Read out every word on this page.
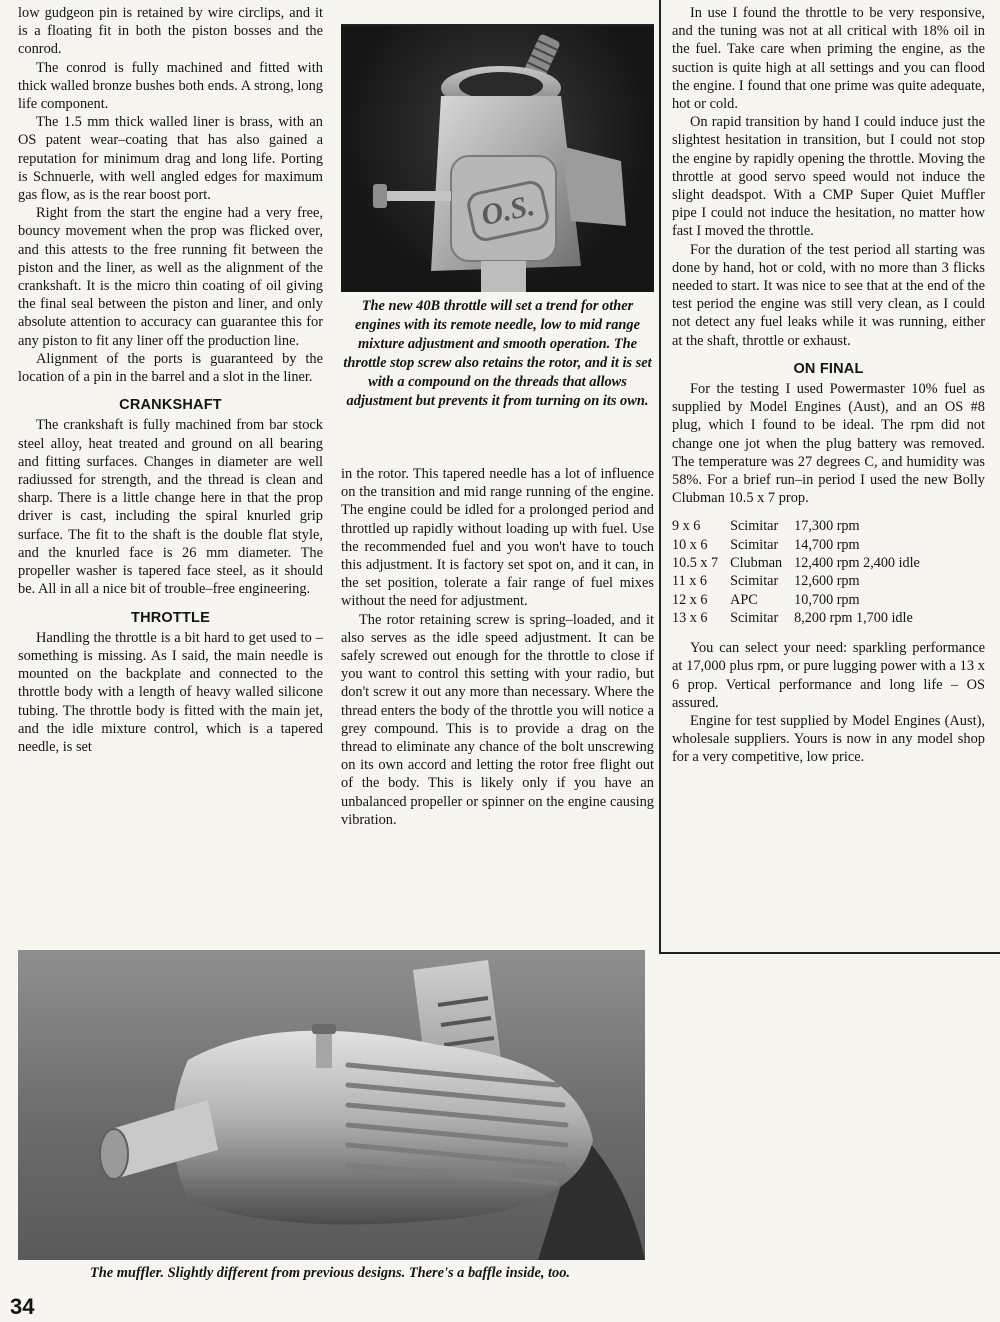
low gudgeon pin is retained by wire circlips, and it is a floating fit in both the piston bosses and the conrod.

The conrod is fully machined and fitted with thick walled bronze bushes both ends. A strong, long life component.

The 1.5 mm thick walled liner is brass, with an OS patent wear–coating that has also gained a reputation for minimum drag and long life. Porting is Schnuerle, with well angled edges for maximum gas flow, as is the rear boost port.

Right from the start the engine had a very free, bouncy movement when the prop was flicked over, and this attests to the free running fit between the piston and the liner, as well as the alignment of the crankshaft. It is the micro thin coating of oil giving the final seal between the piston and liner, and only absolute attention to accuracy can guarantee this for any piston to fit any liner off the production line.

Alignment of the ports is guaranteed by the location of a pin in the barrel and a slot in the liner.

CRANKSHAFT

The crankshaft is fully machined from bar stock steel alloy, heat treated and ground on all bearing and fitting surfaces. Changes in diameter are well radiussed for strength, and the thread is clean and sharp. There is a little change here in that the prop driver is cast, including the spiral knurled grip surface. The fit to the shaft is the double flat style, and the knurled face is 26 mm diameter. The propeller washer is tapered face steel, as it should be. All in all a nice bit of trouble–free engineering.

THROTTLE

Handling the throttle is a bit hard to get used to – something is missing. As I said, the main needle is mounted on the backplate and connected to the throttle body with a length of heavy walled silicone tubing. The throttle body is fitted with the main jet, and the idle mixture control, which is a tapered needle, is set

O.S.
The new 40B throttle will set a trend for other engines with its remote needle, low to mid range mixture adjustment and smooth operation. The throttle stop screw also retains the rotor, and it is set with a compound on the threads that allows adjustment but prevents it from turning on its own.

in the rotor. This tapered needle has a lot of influence on the transition and mid range running of the engine. The engine could be idled for a prolonged period and throttled up rapidly without loading up with fuel. Use the recommended fuel and you won't have to touch this adjustment. It is factory set spot on, and it can, in the set position, tolerate a fair range of fuel mixes without the need for adjustment.

The rotor retaining screw is spring–loaded, and it also serves as the idle speed adjustment. It can be safely screwed out enough for the throttle to close if you want to control this setting with your radio, but don't screw it out any more than necessary. Where the thread enters the body of the throttle you will notice a grey compound. This is to provide a drag on the thread to eliminate any chance of the bolt unscrewing on its own accord and letting the rotor free flight out of the body. This is likely only if you have an unbalanced propeller or spinner on the engine causing vibration.

In use I found the throttle to be very responsive, and the tuning was not at all critical with 18% oil in the fuel. Take care when priming the engine, as the suction is quite high at all settings and you can flood the engine. I found that one prime was quite adequate, hot or cold.

On rapid transition by hand I could induce just the slightest hesitation in transition, but I could not stop the engine by rapidly opening the throttle. Moving the throttle at good servo speed would not induce the slight deadspot. With a CMP Super Quiet Muffler pipe I could not induce the hesitation, no matter how fast I moved the throttle.

For the duration of the test period all starting was done by hand, hot or cold, with no more than 3 flicks needed to start. It was nice to see that at the end of the test period the engine was still very clean, as I could not detect any fuel leaks while it was running, either at the shaft, throttle or exhaust.

ON FINAL

For the testing I used Powermaster 10% fuel as supplied by Model Engines (Aust), and an OS #8 plug, which I found to be ideal. The rpm did not change one jot when the plug battery was removed. The temperature was 27 degrees C, and humidity was 58%. For a brief run–in period I used the new Bolly Clubman 10.5 x 7 prop.

9 x 6	Scimitar	17,300 rpm
10 x 6	Scimitar	14,700 rpm
10.5 x 7	Clubman	12,400 rpm 2,400 idle
11 x 6	Scimitar	12,600 rpm
12 x 6	APC	10,700 rpm
13 x 6	Scimitar	8,200 rpm 1,700 idle

You can select your need: sparkling performance at 17,000 plus rpm, or pure lugging power with a 13 x 6 prop. Vertical performance and long life – OS assured.

Engine for test supplied by Model Engines (Aust), wholesale suppliers. Yours is now in any model shop for a very competitive, low price.

The muffler. Slightly different from previous designs. There's a baffle inside, too.
34
